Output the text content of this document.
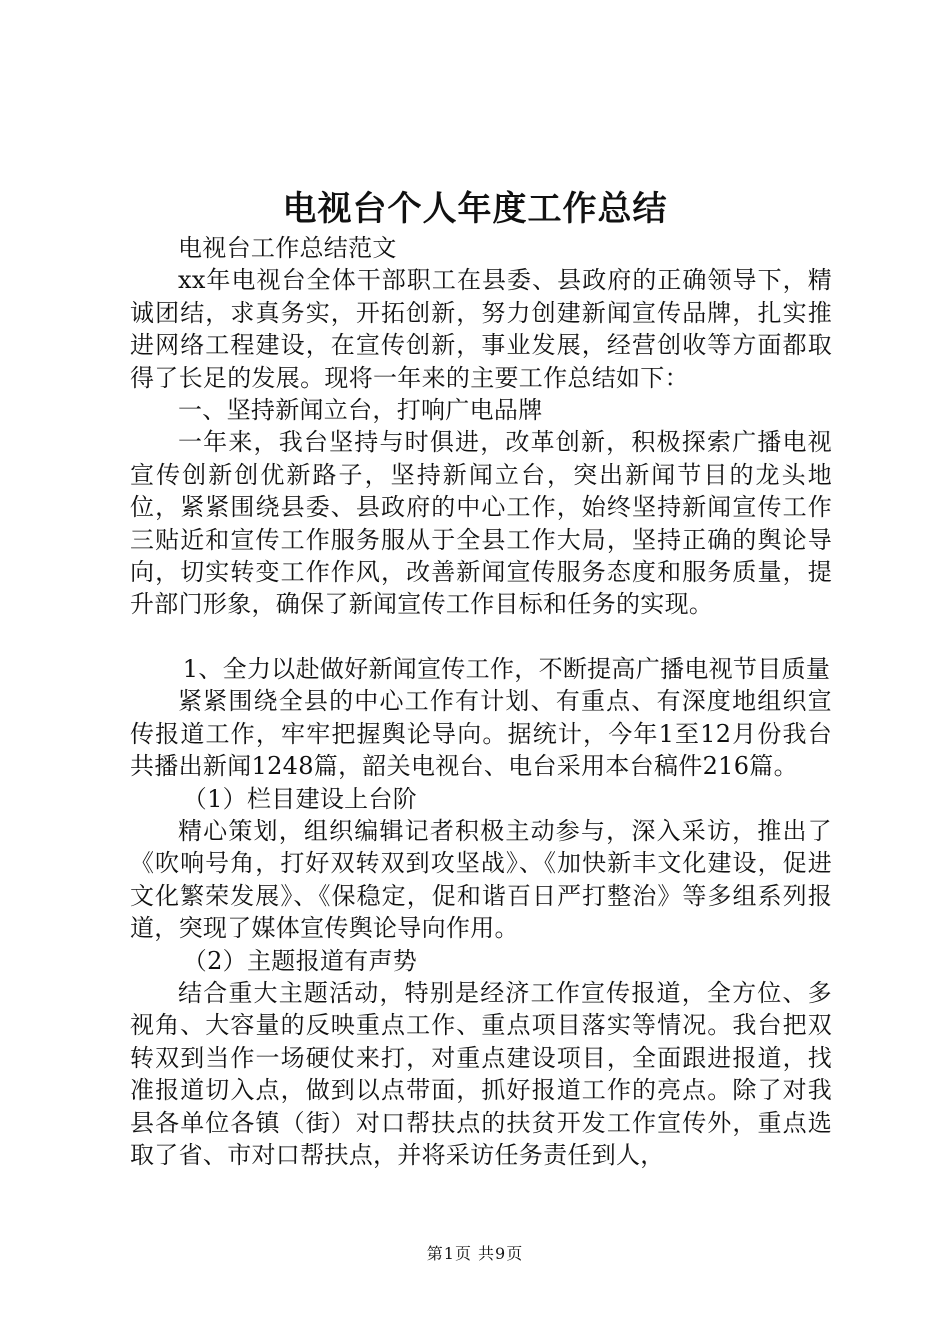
电视台个人年度工作总结

电视台工作总结范文

xx年电视台全体干部职工在县委、县政府的正确领导下，精诚团结，求真务实，开拓创新，努力创建新闻宣传品牌，扎实推进网络工程建设，在宣传创新，事业发展，经营创收等方面都取得了长足的发展。现将一年来的主要工作总结如下：

一、坚持新闻立台，打响广电品牌

一年来，我台坚持与时俱进，改革创新，积极探索广播电视宣传创新创优新路子，坚持新闻立台，突出新闻节目的龙头地位，紧紧围绕县委、县政府的中心工作，始终坚持新闻宣传工作三贴近和宣传工作服务服从于全县工作大局，坚持正确的舆论导向，切实转变工作作风，改善新闻宣传服务态度和服务质量，提升部门形象，确保了新闻宣传工作目标和任务的实现。

1、全力以赴做好新闻宣传工作，不断提高广播电视节目质量

紧紧围绕全县的中心工作有计划、有重点、有深度地组织宣传报道工作，牢牢把握舆论导向。据统计，今年1至12月份我台共播出新闻1248篇，韶关电视台、电台采用本台稿件216篇。

（1）栏目建设上台阶

精心策划，组织编辑记者积极主动参与，深入采访，推出了《吹响号角，打好双转双到攻坚战》、《加快新丰文化建设，促进文化繁荣发展》、《保稳定，促和谐百日严打整治》等多组系列报道，突现了媒体宣传舆论导向作用。

（2）主题报道有声势

结合重大主题活动，特别是经济工作宣传报道，全方位、多视角、大容量的反映重点工作、重点项目落实等情况。我台把双转双到当作一场硬仗来打，对重点建设项目，全面跟进报道，找准报道切入点，做到以点带面，抓好报道工作的亮点。除了对我县各单位各镇（街）对口帮扶点的扶贫开发工作宣传外，重点选取了省、市对口帮扶点，并将采访任务责任到人，

第1页 共9页
